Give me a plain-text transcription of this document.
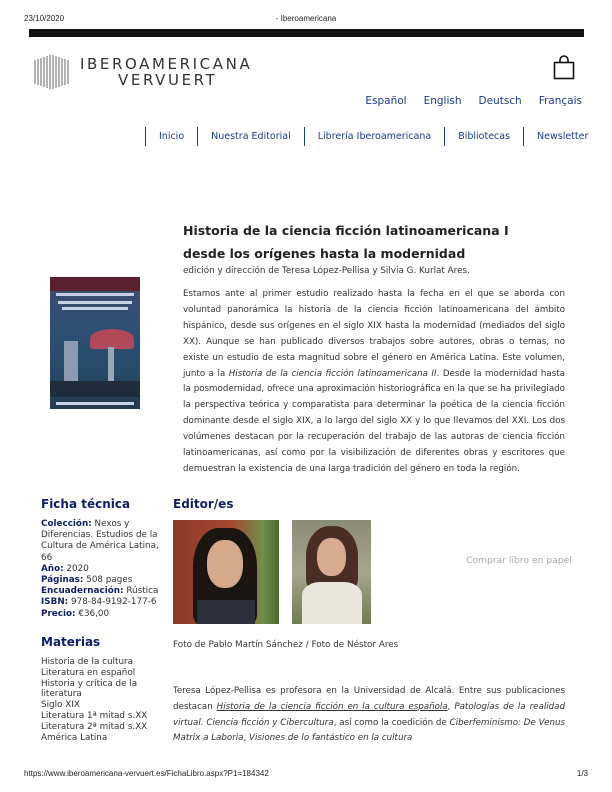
23/10/2020	- Iberoamericana
IBEROAMERICANA
VERVUERT
Español English Deutsch Français
Inicio	Nuestra Editorial	Librería Iberoamericana	Bibliotecas	Newsletter
Historia de la ciencia ficción latinoamericana I
desde los orígenes hasta la modernidad
edición y dirección de Teresa López-Pellisa y Silvia G. Kurlat Ares.
Estamos ante al primer estudio realizado hasta la fecha en el que se aborda con voluntad panorámica la historia de la ciencia ficción latinoamericana del ámbito hispánico, desde sus orígenes en el siglo XIX hasta la modernidad (mediados del siglo XX). Aunque se han publicado diversos trabajos sobre autores, obras o temas, no existe un estudio de esta magnitud sobre el género en América Latina. Este volumen, junto a la Historia de la ciencia ficción latinoamericana II. Desde la modernidad hasta la posmodernidad, ofrece una aproximación historiográfica en la que se ha privilegiado la perspectiva teórica y comparatista para determinar la poética de la ciencia ficción dominante desde el siglo XIX, a lo largo del siglo XX y lo que llevamos del XXI. Los dos volúmenes destacan por la recuperación del trabajo de las autoras de ciencia ficción latinoamericanas, así como por la visibilización de diferentes obras y escritores que demuestran la existencia de una larga tradición del género en toda la región.
Ficha técnica
Colección: Nexos y Diferencias. Estudios de la Cultura de América Latina, 66
Año: 2020
Páginas: 508 pages
Encuadernación: Rústica
ISBN: 978-84-9192-177-6
Precio: €36,00
Materias
Historia de la cultura
Literatura en español
Historia y crítica de la literatura
Siglo XIX
Literatura 1ª mitad s.XX
Literatura 2ª mitad s.XX
América Latina
Editor/es
Comprar libro en papel
Foto de Pablo Martín Sánchez / Foto de Néstor Ares
Teresa López-Pellisa es profesora en la Universidad de Alcalá. Entre sus publicaciones destacan Historia de la ciencia ficción en la cultura española, Patologías de la realidad virtual. Ciencia ficción y Cibercultura, así como la coedición de Ciberfeminismo: De Venus Matrix a Laboria, Visiones de lo fantástico en la cultura
https://www.iberoamericana-vervuert.es/FichaLibro.aspx?P1=184342	1/3
